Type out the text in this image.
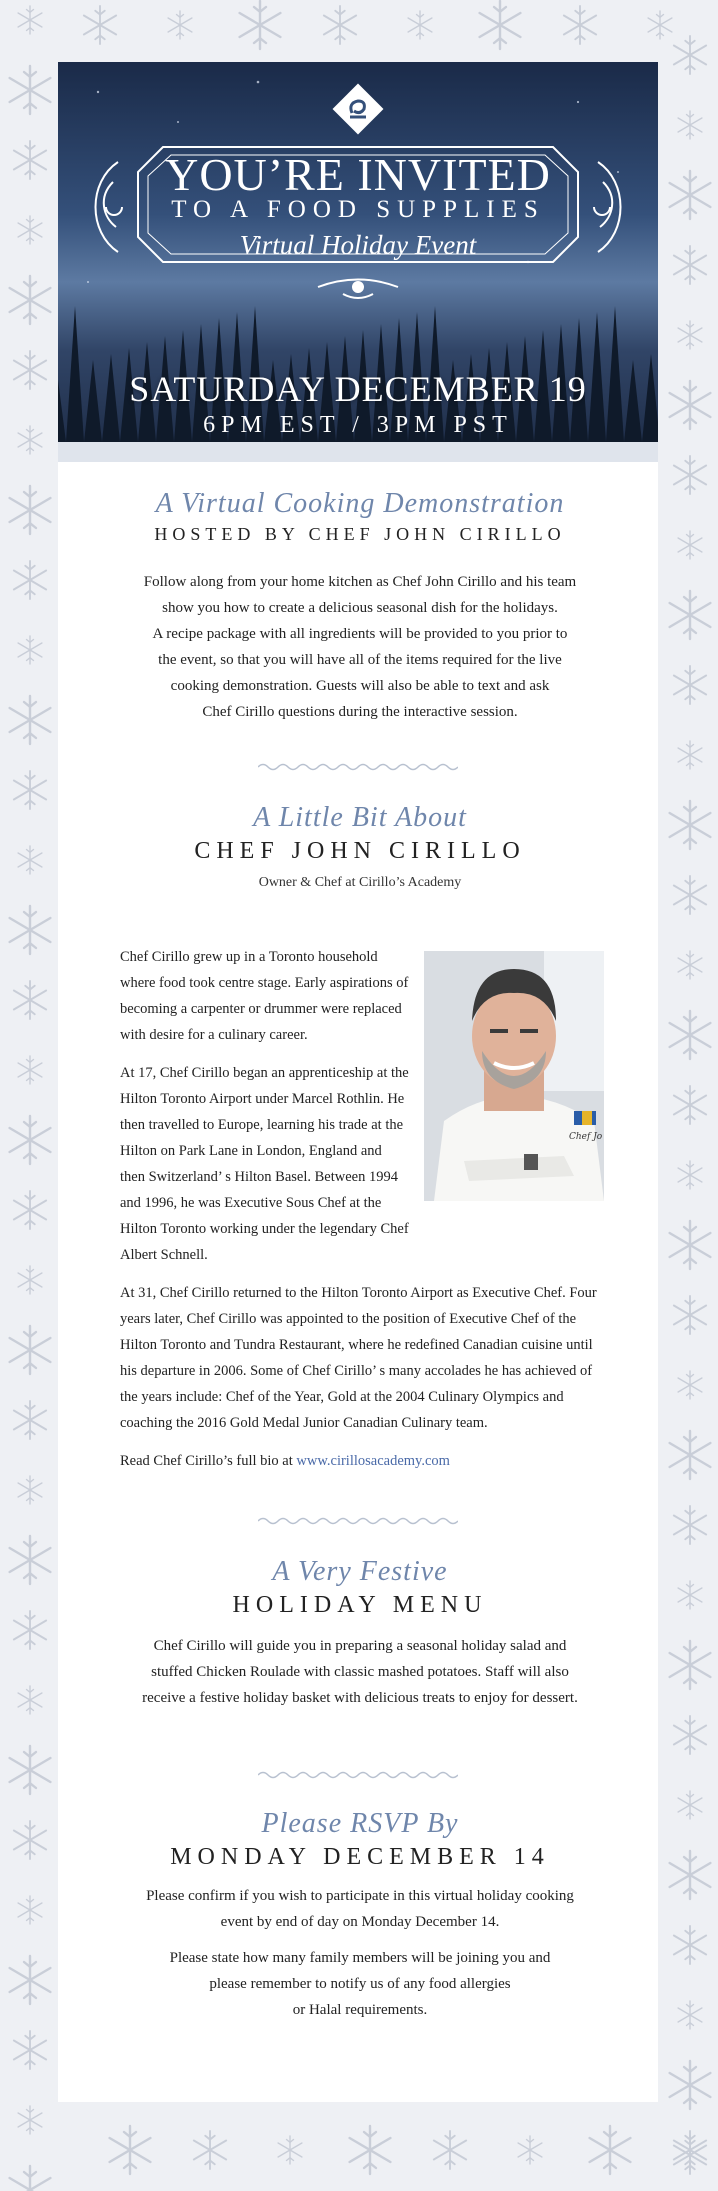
YOU’RE INVITED
TO A FOOD SUPPLIES
Virtual Holiday Event
SATURDAY DECEMBER 19
6PM EST / 3PM PST
A Virtual Cooking Demonstration
HOSTED BY CHEF JOHN CIRILLO
Follow along from your home kitchen as Chef John Cirillo and his team
show you how to create a delicious seasonal dish for the holidays.
A recipe package with all ingredients will be provided to you prior to
the event, so that you will have all of the items required for the live
cooking demonstration. Guests will also be able to text and ask
Chef Cirillo questions during the interactive session.
A Little Bit About
CHEF JOHN CIRILLO
Owner & Chef at Cirillo’s Academy
Chef Jo

Chef Cirillo grew up in a Toronto household where food took centre stage. Early aspirations of becoming a carpenter or drummer were replaced with desire for a culinary career.

At 17, Chef Cirillo began an apprenticeship at the Hilton Toronto Airport under Marcel Rothlin. He then travelled to Europe, learning his trade at the Hilton on Park Lane in London, England and then Switzerland’ s Hilton Basel. Between 1994 and 1996, he was Executive Sous Chef at the Hilton Toronto working under the legendary Chef Albert Schnell.

At 31, Chef Cirillo returned to the Hilton Toronto Airport as Executive Chef. Four years later, Chef Cirillo was appointed to the position of Executive Chef of the Hilton Toronto and Tundra Restaurant, where he redefined Canadian cuisine until his departure in 2006. Some of Chef Cirillo’ s many accolades he has achieved of the years include: Chef of the Year, Gold at the 2004 Culinary Olympics and coaching the 2016 Gold Medal Junior Canadian Culinary team.

Read Chef Cirillo’s full bio at www.cirillosacademy.com

A Very Festive
HOLIDAY MENU
Chef Cirillo will guide you in preparing a seasonal holiday salad and
stuffed Chicken Roulade with classic mashed potatoes. Staff will also
receive a festive holiday basket with delicious treats to enjoy for dessert.
Please RSVP By
MONDAY DECEMBER 14
Please confirm if you wish to participate in this virtual holiday cooking
event by end of day on Monday December 14.
Please state how many family members will be joining you and
please remember to notify us of any food allergies
or Halal requirements.
